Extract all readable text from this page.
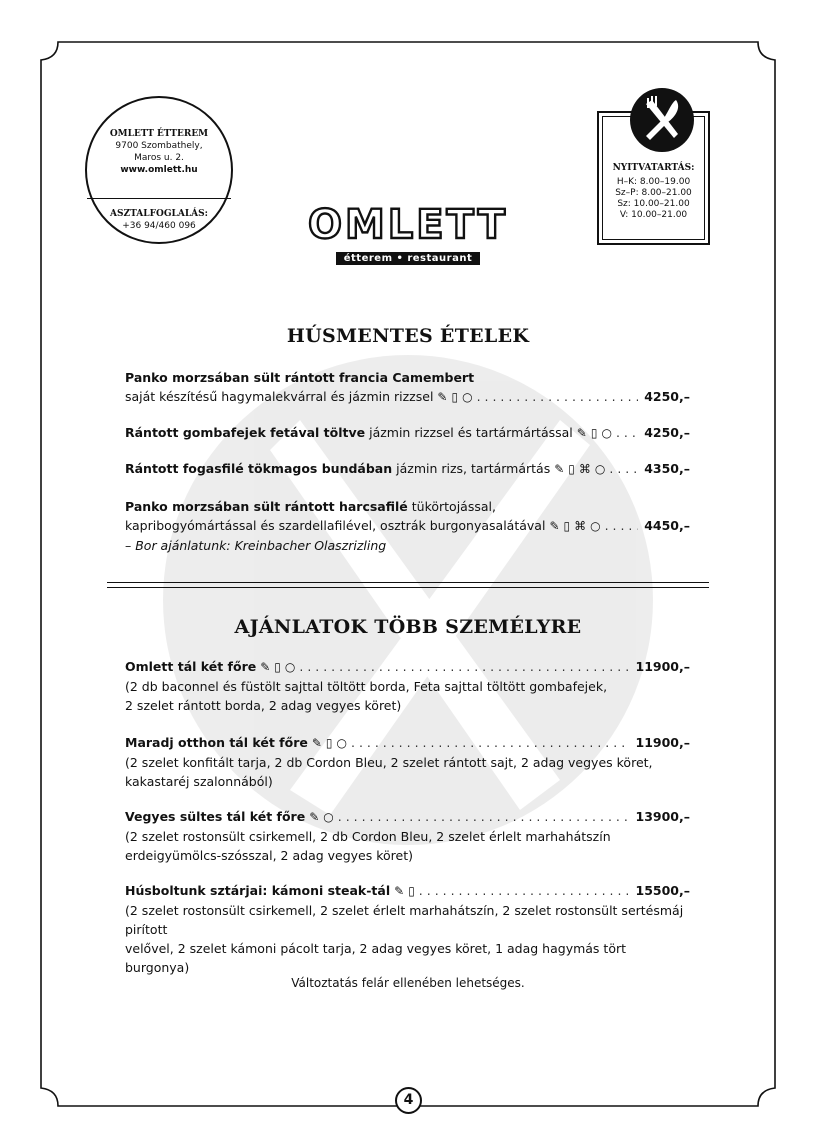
OMLETT ÉTTEREM
9700 Szombathely,
Maros u. 2.
www.omlett.hu
ASZTALFOGLALÁS:
+36 94/460 096	OMLETT
étterem • restaurant
NYITVATARTÁS:
H–K: 8.00–19.00
Sz–P: 8.00–21.00
Sz: 10.00–21.00
V: 10.00–21.00
HÚSMENTES ÉTELEK
Panko morzsában sült rántott francia Camembert
saját készítésű hagymalekvárral és jázmin rizzsel ✎ ▯ ○ . . .	4250,–
Rántott gombafejek fetával töltve
jázmin rizzsel és tartármártással ✎ ▯ ○ . . .	4250,–
Rántott fogasfilé tökmagos bundában
jázmin rizs, tartármártás ✎ ▯ ⌘ ○ . . .	4350,–
Panko morzsában sült rántott harcsafilé tükörtojással,
kapribogyómártással és szardellafilével, osztrák burgonyasalátával ✎ ▯ ⌘ ○ . . .	4450,–
– Bor ajánlatunk: Kreinbacher Olaszrizling
AJÁNLATOK TÖBB SZEMÉLYRE
Omlett tál két főre ✎ ▯ ○ . . .	11900,–
(2 db baconnel és füstölt sajttal töltött borda, Feta sajttal töltött gombafejek,
2 szelet rántott borda, 2 adag vegyes köret)
Maradj otthon tál két főre ✎ ▯ ○ . . .	11900,–
(2 szelet konfitált tarja, 2 db Cordon Bleu, 2 szelet rántott sajt, 2 adag vegyes köret,
kakastaréj szalonnából)
Vegyes sültes tál két főre ✎ ○ . . .	13900,–
(2 szelet rostonsült csirkemell, 2 db Cordon Bleu, 2 szelet érlelt marhahátszín
erdeigyümölcs-szósszal, 2 adag vegyes köret)
Húsboltunk sztárjai: kámoni steak-tál ✎ ▯ . . .	15500,–
(2 szelet rostonsült csirkemell, 2 szelet érlelt marhahátszín, 2 szelet rostonsült sertésmáj pirított
velővel, 2 szelet kámoni pácolt tarja, 2 adag vegyes köret, 1 adag hagymás tört burgonya)
Változtatás felár ellenében lehetséges.
4
